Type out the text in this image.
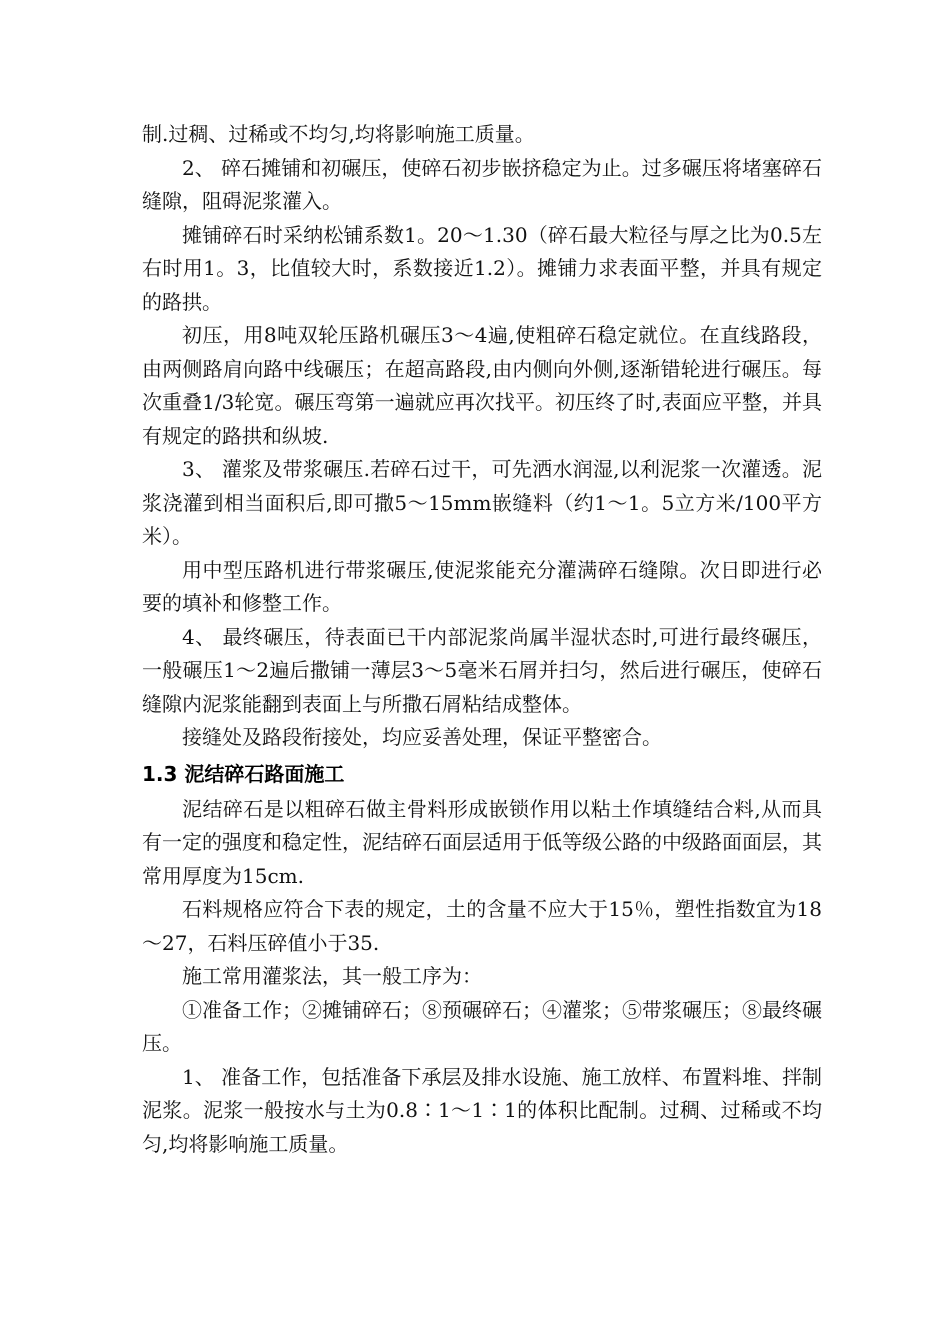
制.过稠、过稀或不均匀,均将影响施工质量。

2、 碎石摊铺和初碾压，使碎石初步嵌挤稳定为止。过多碾压将堵塞碎石缝隙，阻碍泥浆灌入。

摊铺碎石时采纳松铺系数1。20～1.30（碎石最大粒径与厚之比为0.5左右时用1。3，比值较大时，系数接近1.2）。摊铺力求表面平整，并具有规定的路拱。

初压，用8吨双轮压路机碾压3～4遍,使粗碎石稳定就位。在直线路段，由两侧路肩向路中线碾压；在超高路段,由内侧向外侧,逐渐错轮进行碾压。每次重叠1/3轮宽。碾压弯第一遍就应再次找平。初压终了时,表面应平整，并具有规定的路拱和纵坡.

3、 灌浆及带浆碾压.若碎石过干，可先洒水润湿,以利泥浆一次灌透。泥浆浇灌到相当面积后,即可撒5～15mm嵌缝料（约1～1。5立方米/100平方米）。

用中型压路机进行带浆碾压,使泥浆能充分灌满碎石缝隙。次日即进行必要的填补和修整工作。

4、 最终碾压，待表面已干内部泥浆尚属半湿状态时,可进行最终碾压，一般碾压1～2遍后撒铺一薄层3～5毫米石屑并扫匀，然后进行碾压，使碎石缝隙内泥浆能翻到表面上与所撒石屑粘结成整体。

接缝处及路段衔接处，均应妥善处理，保证平整密合。

1.3 泥结碎石路面施工

泥结碎石是以粗碎石做主骨料形成嵌锁作用以粘土作填缝结合料,从而具有一定的强度和稳定性，泥结碎石面层适用于低等级公路的中级路面面层，其常用厚度为15cm.

石料规格应符合下表的规定，土的含量不应大于15％，塑性指数宜为18～27，石料压碎值小于35.

施工常用灌浆法，其一般工序为：

①准备工作；②摊铺碎石；⑧预碾碎石；④灌浆；⑤带浆碾压；⑧最终碾压。

1、 准备工作，包括准备下承层及排水设施、施工放样、布置料堆、拌制泥浆。泥浆一般按水与土为0.8∶1～1∶1的体积比配制。过稠、过稀或不均匀,均将影响施工质量。
